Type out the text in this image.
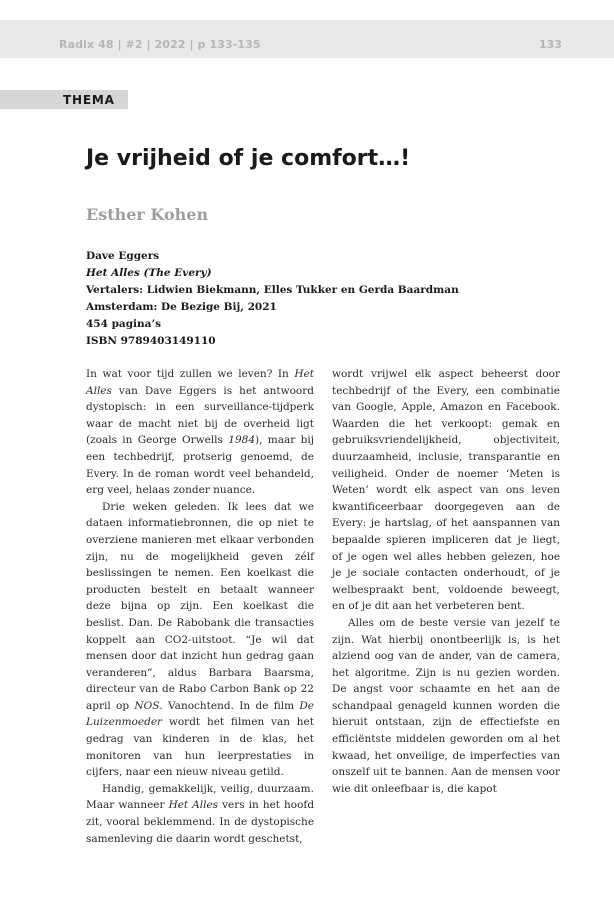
Radix 48 | #2 | 2022 | p 133-135	133
THEMA
Je vrijheid of je comfort…!
Esther Kohen
Dave Eggers
Het Alles (The Every)
Vertalers: Lidwien Biekmann, Elles Tukker en Gerda Baardman
Amsterdam: De Bezige Bij, 2021
454 pagina’s
ISBN 9789403149110

In wat voor tijd zullen we leven? In Het Alles van Dave Eggers is het antwoord dystopisch: in een surveillance-tijdperk waar de macht niet bij de overheid ligt (zoals in George Orwells 1984), maar bij een techbedrijf, protserig genoemd, de Every. In de roman wordt veel behandeld, erg veel, helaas zonder nuance.

Drie weken geleden. Ik lees dat we dataen informatiebronnen, die op niet te overziene manieren met elkaar verbonden zijn, nu de mogelijkheid geven zélf beslissingen te nemen. Een koelkast die producten bestelt en betaalt wanneer deze bijna op zijn. Een koelkast die beslist. Dan. De Rabobank die transacties koppelt aan CO2-uitstoot. “Je wil dat mensen door dat inzicht hun gedrag gaan veranderen”, aldus Barbara Baarsma, directeur van de Rabo Carbon Bank op 22 april op NOS. Vanochtend. In de film De Luizenmoeder wordt het filmen van het gedrag van kinderen in de klas, het monitoren van hun leerprestaties in cijfers, naar een nieuw niveau getild.

Handig, gemakkelijk, veilig, duurzaam. Maar wanneer Het Alles vers in het hoofd zit, vooral beklemmend. In de dystopische samenleving die daarin wordt geschetst,

wordt vrijwel elk aspect beheerst door techbedrijf of the Every, een combinatie van Google, Apple, Amazon en Facebook. Waarden die het verkoopt: gemak en gebruiksvriendelijkheid,	objectiviteit, duurzaamheid, inclusie, transparantie en veiligheid. Onder de noemer ‘Meten is Weten’ wordt elk aspect van ons leven kwantificeerbaar doorgegeven aan de Every: je hartslag, of het aanspannen van bepaalde spieren impliceren dat je liegt, of je ogen wel alles hebben gelezen, hoe je je sociale contacten onderhoudt, of je welbespraakt bent, voldoende beweegt, en of je dit aan het verbeteren bent.

Alles om de beste versie van jezelf te zijn. Wat hierbij onontbeerlijk is, is het alziend oog van de ander, van de camera, het algoritme. Zijn is nu gezien worden. De angst voor schaamte en het aan de schandpaal genageld kunnen worden die hieruit ontstaan, zijn de effectiefste en efficiëntste middelen geworden om al het kwaad, het onveilige, de imperfecties van onszelf uit te bannen. Aan de mensen voor wie dit onleefbaar is, die kapot
